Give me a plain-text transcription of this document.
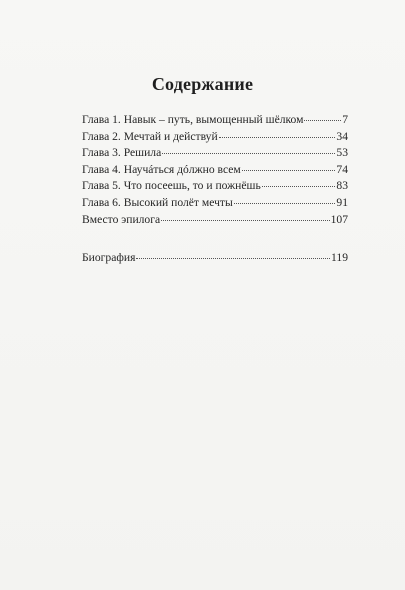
Содержание
Глава 1. Навык – путь, вымощенный шёлком	7
Глава 2. Мечтай и действуй	34
Глава 3. Решила	53
Глава 4. Научáться дóлжно всем	74
Глава 5. Что посеешь, то и пожнёшь	83
Глава 6. Высокий полёт мечты	91
Вместо эпилога	107
Биография	119
